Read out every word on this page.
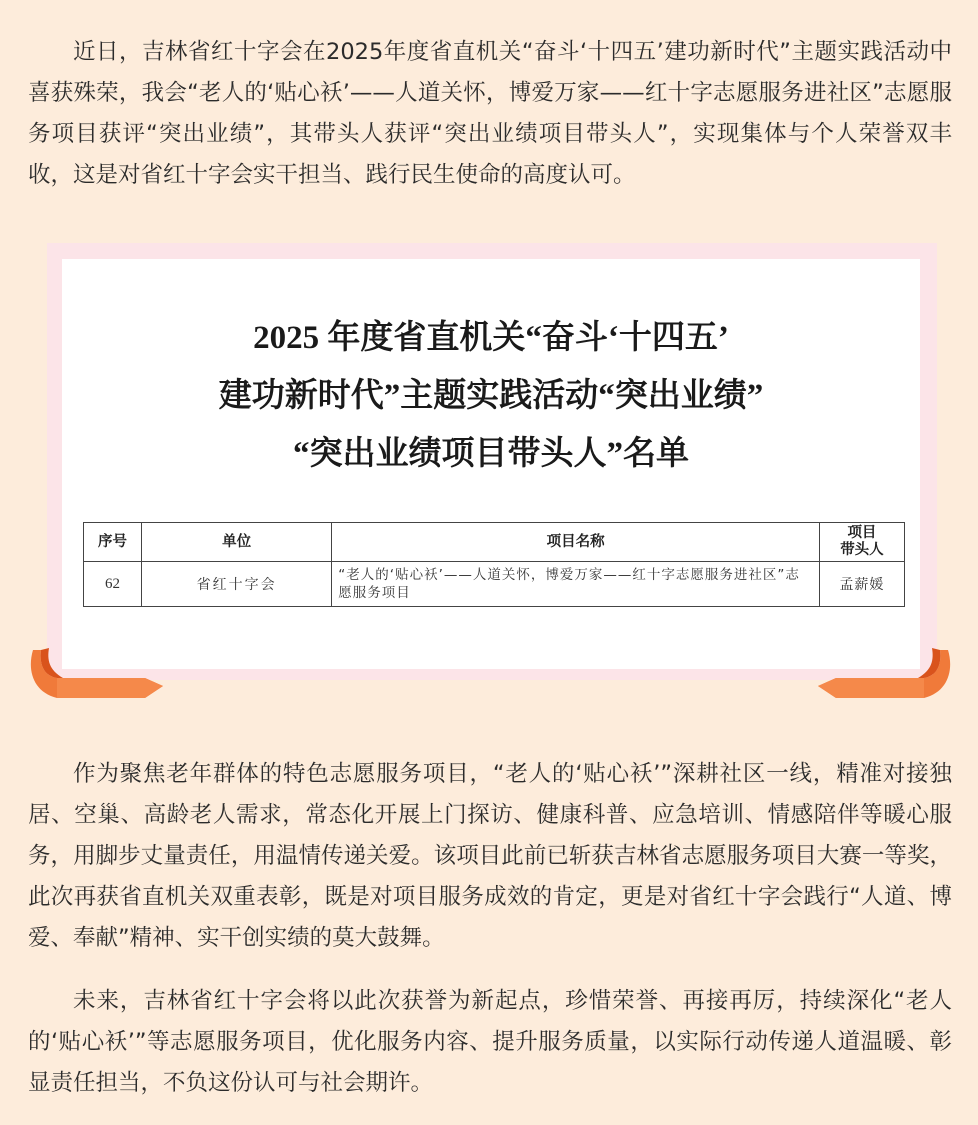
近日，吉林省红十字会在2025年度省直机关“奋斗‘十四五’建功新时代”主题实践活动中喜获殊荣，我会“老人的‘贴心袄’——人道关怀，博爱万家——红十字志愿服务进社区”志愿服务项目获评“突出业绩”，其带头人获评“突出业绩项目带头人”，实现集体与个人荣誉双丰收，这是对省红十字会实干担当、践行民生使命的高度认可。

2025 年度省直机关“奋斗‘十四五’
建功新时代”主题实践活动“突出业绩”
“突出业绩项目带头人”名单
序号	单位	项目名称	项目
带头人
62	省红十字会	“老人的‘贴心袄’——人道关怀，博爱万家——红十字志愿服务进社区”志愿服务项目	孟薪媛

作为聚焦老年群体的特色志愿服务项目，“老人的‘贴心袄’”深耕社区一线，精准对接独居、空巢、高龄老人需求，常态化开展上门探访、健康科普、应急培训、情感陪伴等暖心服务，用脚步丈量责任，用温情传递关爱。该项目此前已斩获吉林省志愿服务项目大赛一等奖，此次再获省直机关双重表彰，既是对项目服务成效的肯定，更是对省红十字会践行“人道、博爱、奉献”精神、实干创实绩的莫大鼓舞。

未来，吉林省红十字会将以此次获誉为新起点，珍惜荣誉、再接再厉，持续深化“老人的‘贴心袄’”等志愿服务项目，优化服务内容、提升服务质量，以实际行动传递人道温暖、彰显责任担当，不负这份认可与社会期许。
